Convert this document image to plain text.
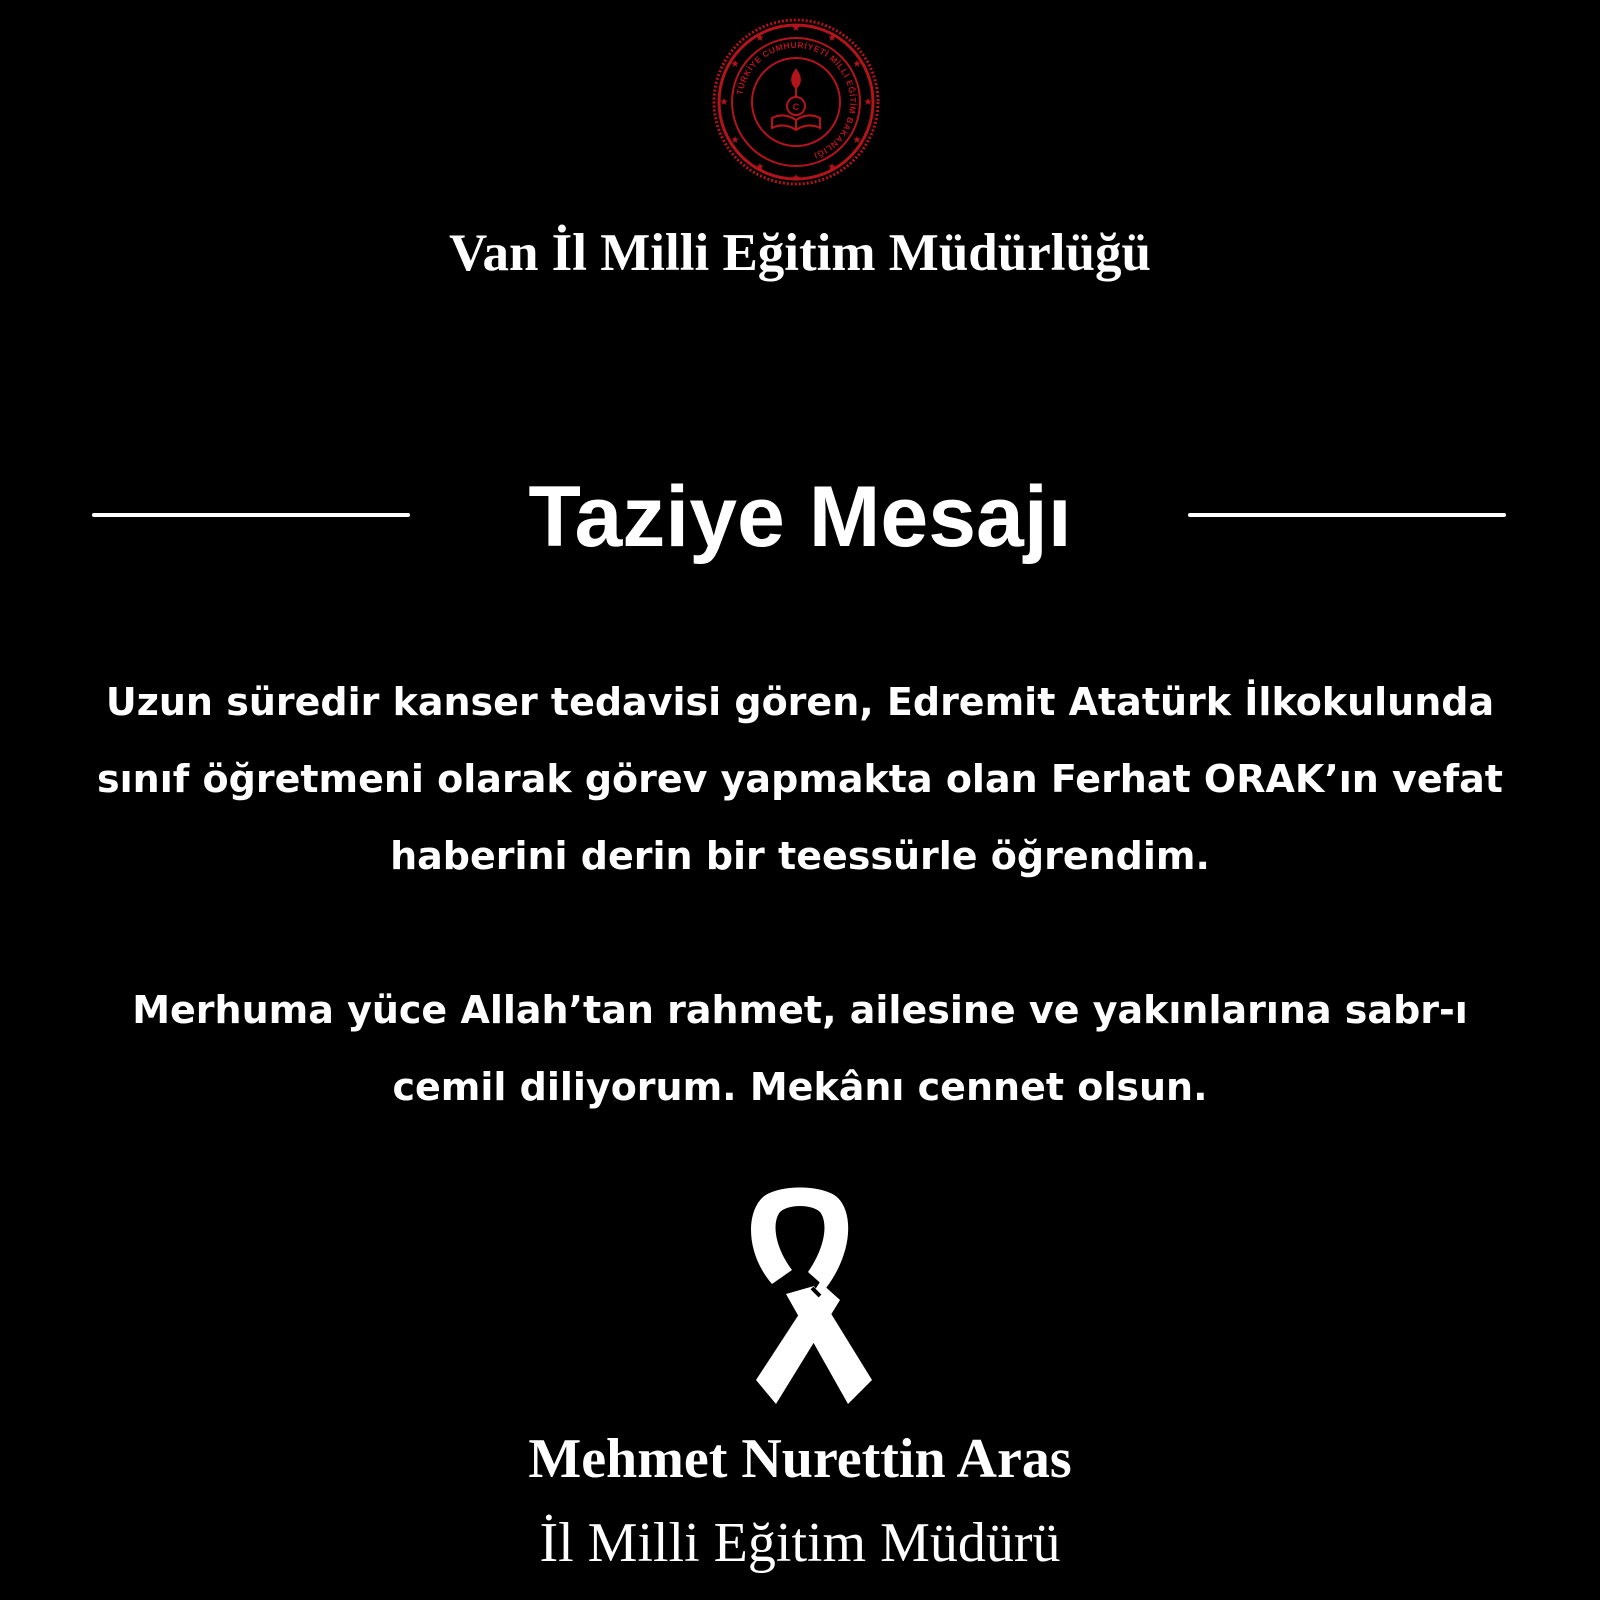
TÜRKİYE CUMHURİYETİ MİLLİ EĞİTİM BAKANLIĞI
★
★
★
★
★
★
★
★
★
★
★
★
C
Van İl Milli Eğitim Müdürlüğü
Taziye Mesajı
Uzun süredir kanser tedavisi gören, Edremit Atatürk İlkokulunda
sınıf öğretmeni olarak görev yapmakta olan Ferhat ORAK’ın vefat
haberini derin bir teessürle öğrendim.
Merhuma yüce Allah’tan rahmet, ailesine ve yakınlarına sabr-ı
cemil diliyorum. Mekânı cennet olsun.
Mehmet Nurettin Aras
İl Milli Eğitim Müdürü
